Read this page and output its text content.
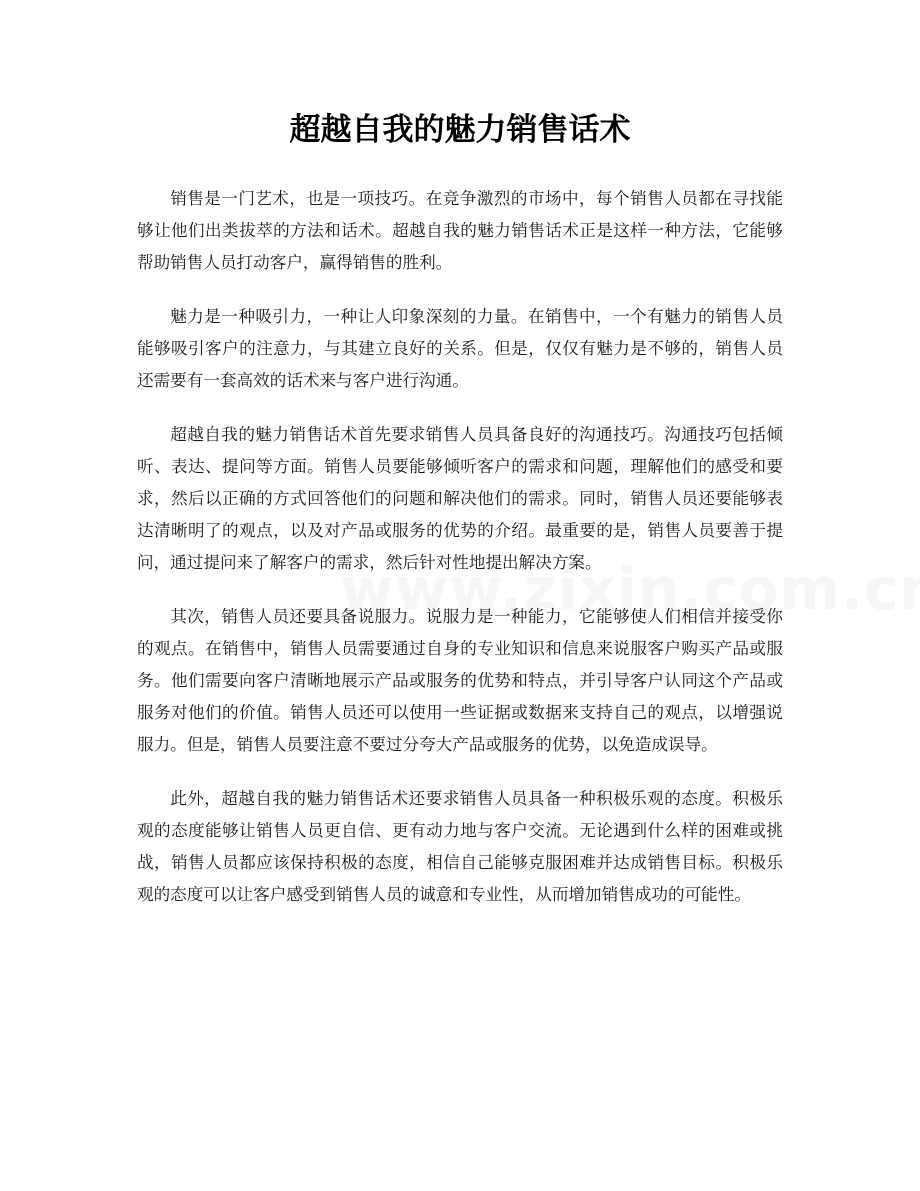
超越自我的魅力销售话术

销售是一门艺术，也是一项技巧。在竞争激烈的市场中，每个销售人员都在寻找能够让他们出类拔萃的方法和话术。超越自我的魅力销售话术正是这样一种方法，它能够帮助销售人员打动客户，赢得销售的胜利。

魅力是一种吸引力，一种让人印象深刻的力量。在销售中，一个有魅力的销售人员能够吸引客户的注意力，与其建立良好的关系。但是，仅仅有魅力是不够的，销售人员还需要有一套高效的话术来与客户进行沟通。

超越自我的魅力销售话术首先要求销售人员具备良好的沟通技巧。沟通技巧包括倾听、表达、提问等方面。销售人员要能够倾听客户的需求和问题，理解他们的感受和要求，然后以正确的方式回答他们的问题和解决他们的需求。同时，销售人员还要能够表达清晰明了的观点，以及对产品或服务的优势的介绍。最重要的是，销售人员要善于提问，通过提问来了解客户的需求，然后针对性地提出解决方案。

其次，销售人员还要具备说服力。说服力是一种能力，它能够使人们相信并接受你的观点。在销售中，销售人员需要通过自身的专业知识和信息来说服客户购买产品或服务。他们需要向客户清晰地展示产品或服务的优势和特点，并引导客户认同这个产品或服务对他们的价值。销售人员还可以使用一些证据或数据来支持自己的观点，以增强说服力。但是，销售人员要注意不要过分夸大产品或服务的优势，以免造成误导。

此外，超越自我的魅力销售话术还要求销售人员具备一种积极乐观的态度。积极乐观的态度能够让销售人员更自信、更有动力地与客户交流。无论遇到什么样的困难或挑战，销售人员都应该保持积极的态度，相信自己能够克服困难并达成销售目标。积极乐观的态度可以让客户感受到销售人员的诚意和专业性，从而增加销售成功的可能性。
